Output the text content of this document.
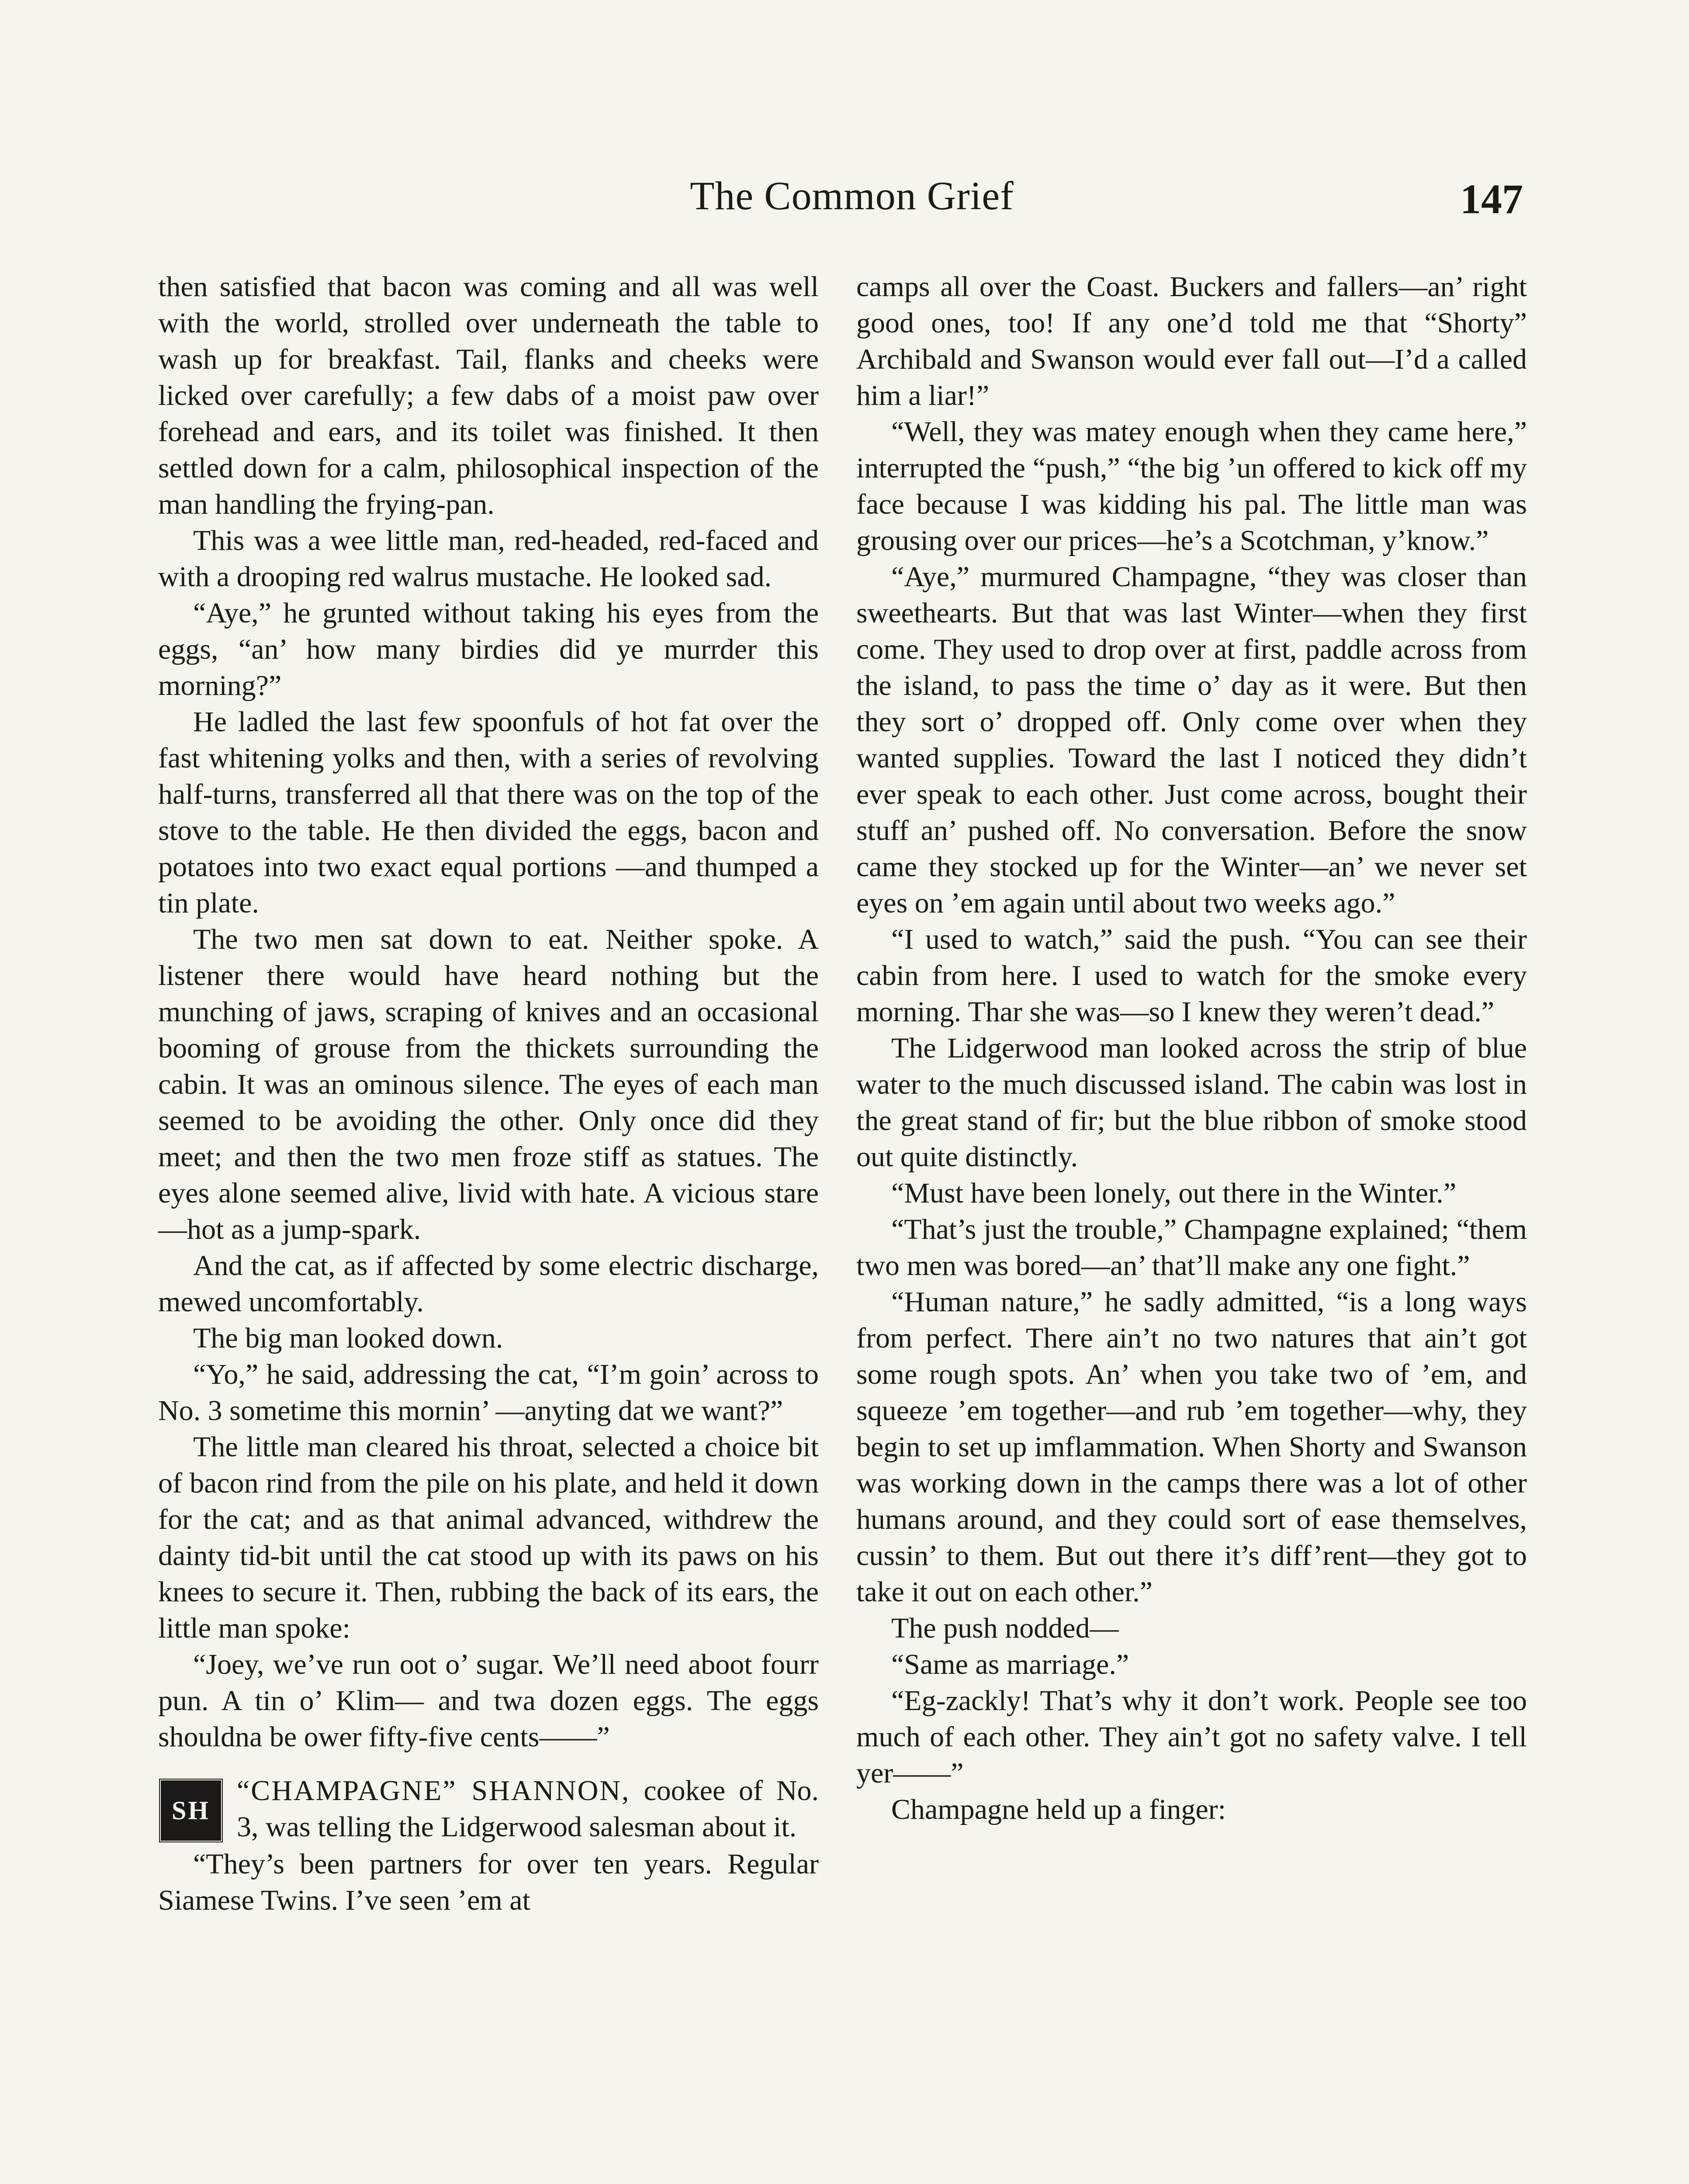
The Common Grief	147

then satisfied that bacon was coming and all was well with the world, strolled over underneath the table to wash up for breakfast. Tail, flanks and cheeks were licked over carefully; a few dabs of a moist paw over forehead and ears, and its toilet was finished. It then settled down for a calm, philosophical inspection of the man handling the frying-pan.

This was a wee little man, red-headed, red-faced and with a drooping red walrus mustache. He looked sad.

“Aye,” he grunted without taking his eyes from the eggs, “an’ how many birdies did ye murrder this morning?”

He ladled the last few spoonfuls of hot fat over the fast whitening yolks and then, with a series of revolving half-turns, transferred all that there was on the top of the stove to the table. He then divided the eggs, bacon and potatoes into two exact equal portions —and thumped a tin plate.

The two men sat down to eat. Neither spoke. A listener there would have heard nothing but the munching of jaws, scraping of knives and an occasional booming of grouse from the thickets surrounding the cabin. It was an ominous silence. The eyes of each man seemed to be avoiding the other. Only once did they meet; and then the two men froze stiff as statues. The eyes alone seemed alive, livid with hate. A vicious stare—hot as a jump-spark.

And the cat, as if affected by some electric discharge, mewed uncomfortably.

The big man looked down.

“Yo,” he said, addressing the cat, “I’m goin’ across to No. 3 sometime this mornin’ —anyting dat we want?”

The little man cleared his throat, selected a choice bit of bacon rind from the pile on his plate, and held it down for the cat; and as that animal advanced, withdrew the dainty tid-bit until the cat stood up with its paws on his knees to secure it. Then, rubbing the back of its ears, the little man spoke:

“Joey, we’ve run oot o’ sugar. We’ll need aboot fourr pun. A tin o’ Klim— and twa dozen eggs. The eggs shouldna be ower fifty-five cents——”

SH

“CHAMPAGNE” SHANNON, cookee of No. 3, was telling the Lidgerwood salesman about it.

“They’s been partners for over ten years. Regular Siamese Twins. I’ve seen ’em at

camps all over the Coast. Buckers and fallers—an’ right good ones, too! If any one’d told me that “Shorty” Archibald and Swanson would ever fall out—I’d a called him a liar!”

“Well, they was matey enough when they came here,” interrupted the “push,” “the big ’un offered to kick off my face because I was kidding his pal. The little man was grousing over our prices—he’s a Scotchman, y’know.”

“Aye,” murmured Champagne, “they was closer than sweethearts. But that was last Winter—when they first come. They used to drop over at first, paddle across from the island, to pass the time o’ day as it were. But then they sort o’ dropped off. Only come over when they wanted supplies. Toward the last I noticed they didn’t ever speak to each other. Just come across, bought their stuff an’ pushed off. No conversation. Before the snow came they stocked up for the Winter—an’ we never set eyes on ’em again until about two weeks ago.”

“I used to watch,” said the push. “You can see their cabin from here. I used to watch for the smoke every morning. Thar she was—so I knew they weren’t dead.”

The Lidgerwood man looked across the strip of blue water to the much discussed island. The cabin was lost in the great stand of fir; but the blue ribbon of smoke stood out quite distinctly.

“Must have been lonely, out there in the Winter.”

“That’s just the trouble,” Champagne explained; “them two men was bored—an’ that’ll make any one fight.”

“Human nature,” he sadly admitted, “is a long ways from perfect. There ain’t no two natures that ain’t got some rough spots. An’ when you take two of ’em, and squeeze ’em together—and rub ’em together—why, they begin to set up imflammation. When Shorty and Swanson was working down in the camps there was a lot of other humans around, and they could sort of ease themselves, cussin’ to them. But out there it’s diff’rent—they got to take it out on each other.”

The push nodded—

“Same as marriage.”

“Eg-zackly! That’s why it don’t work. People see too much of each other. They ain’t got no safety valve. I tell yer——”

Champagne held up a finger:
